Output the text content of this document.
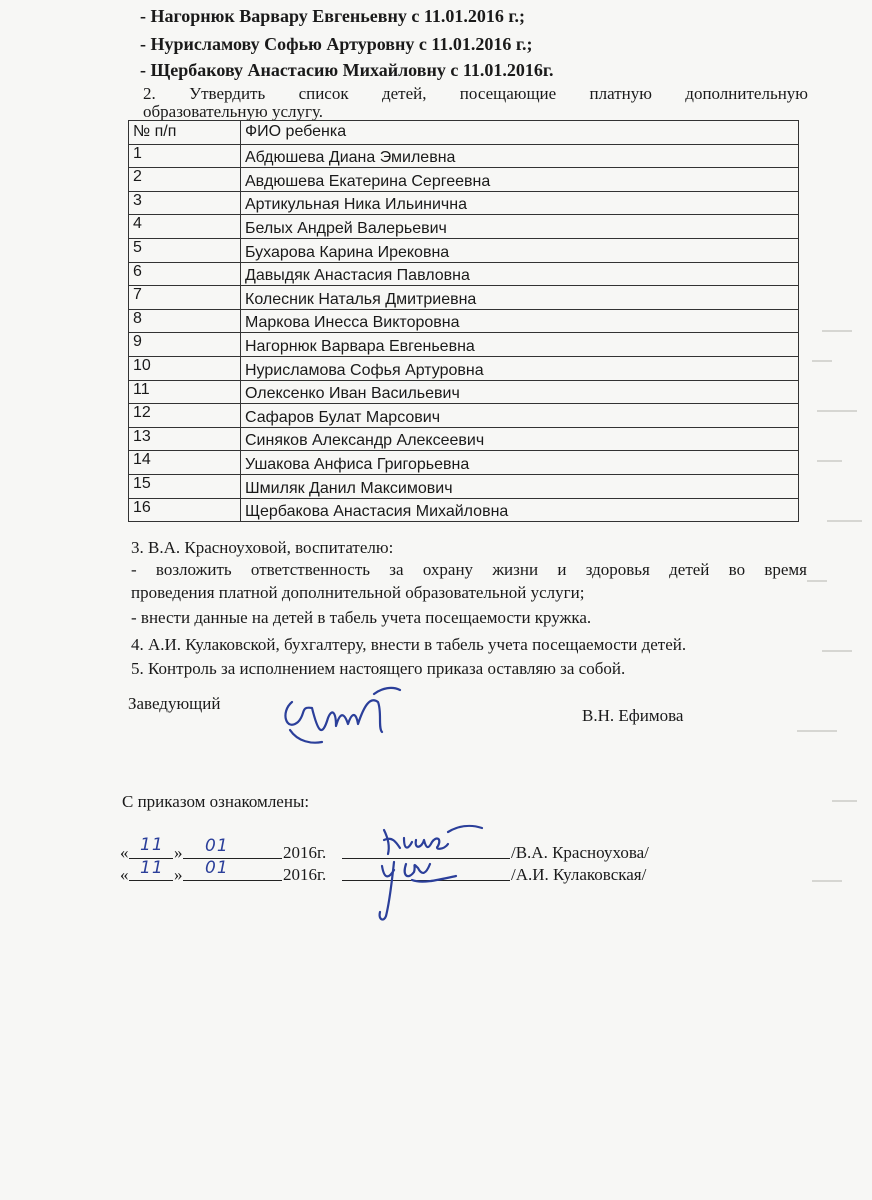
- Нагорнюк Варвару Евгеньевну с 11.01.2016 г.;
- Нурисламову Софью Артуровну с 11.01.2016 г.;
- Щербакову Анастасию Михайловну с 11.01.2016г.
2. Утвердить список детей, посещающие платную дополнительную
образовательную услугу.
№ п/п	ФИО ребенка
1	Абдюшева Диана Эмилевна
2	Авдюшева Екатерина Сергеевна
3	Артикульная Ника Ильинична
4	Белых Андрей Валерьевич
5	Бухарова Карина Ирековна
6	Давыдяк Анастасия Павловна
7	Колесник Наталья Дмитриевна
8	Маркова Инесса Викторовна
9	Нагорнюк Варвара Евгеньевна
10	Нурисламова Софья Артуровна
11	Олексенко Иван Васильевич
12	Сафаров Булат Марсович
13	Синяков Александр Алексеевич
14	Ушакова Анфиса Григорьевна
15	Шмиляк Данил Максимович
16	Щербакова Анастасия Михайловна
3. В.А. Красноуховой, воспитателю:
- возложить ответственность за охрану жизни и здоровья детей во время
проведения платной дополнительной образовательной услуги;
- внести данные на детей в табель учета посещаемости кружка.
4. А.И. Кулаковской, бухгалтеру, внести в табель учета посещаемости детей.
5. Контроль за исполнением настоящего приказа оставляю за собой.
Заведующий
В.Н. Ефимова
С приказом ознакомлены:
« 11 » 01	2016г.	/В.А. Красноухова/
« 11 » 01	2016г.	/А.И. Кулаковская/
